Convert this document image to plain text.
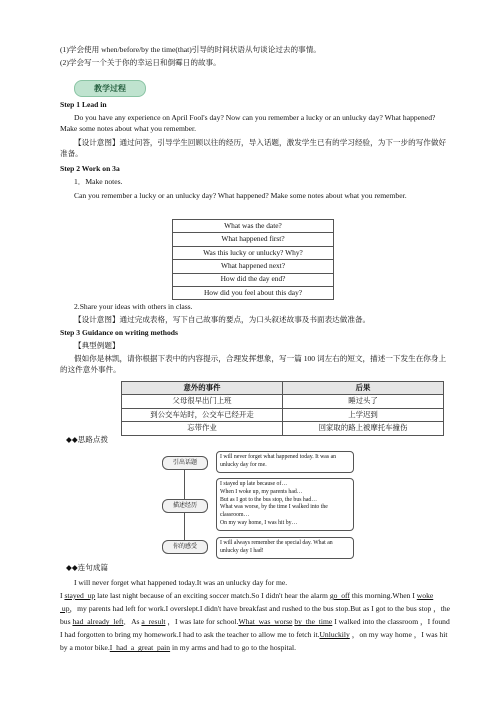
(1)学会使用 when/before/by the time(that)引导的时间状语从句谈论过去的事情。
(2)学会写一个关于你的幸运日和倒霉日的故事。
教学过程
Step 1 Lead in
Do you have any experience on April Fool's day? Now can you remember a lucky or an unlucky day? What happened? Make some notes about what you remember.
【设计意图】通过问答，引导学生回顾以往的经历，导入话题，激发学生已有的学习经验，为下一步的写作做好准备。
Step 2 Work on 3a
1．Make notes.
Can you remember a lucky or an unlucky day? What happened? Make some notes about what you remember.
What was the date?
What happened first?
Was this lucky or unlucky? Why?
What happened next?
How did the day end?
How did you feel about this day?
2.Share your ideas with others in class.
【设计意图】通过完成表格，写下自己故事的要点，为口头叙述故事及书面表达做准备。
Step 3 Guidance on writing methods
【典型例题】
假如你是林凯，请你根据下表中的内容提示，合理发挥想象，写一篇 100 词左右的短文，描述一下发生在你身上的这件意外事件。
意外的事件	后果
父母很早出门上班	睡过头了
到公交车站时，公交车已经开走	上学迟到
忘带作业	回家取的路上被摩托车撞伤
◆◆思路点拨
引出话题
描述经历
你的感受
I will never forget what happened today. It was an unlucky day for me.
I stayed up late because of…
When I woke up, my parents had…
But as I got to the bus stop, the bus had…
What was worse, by the time I walked into the classroom…
On my way home, I was hit by…
I will always remember the special day. What an unlucky day I had!
◆◆连句成篇
I will never forget what happened today.It was an unlucky day for me.
I stayed  up late last night because of an exciting soccer match.So I didn't hear the alarm go  off this morning.When I woke  up，my parents had left for work.I overslept.I didn't have breakfast and rushed to the bus stop.But as I got to the bus stop ，the bus had  already  left．As a  result ，I was late for school.What  was  worse by  the  time I walked into the classroom ，I found I had forgotten to bring my homework.I had to ask the teacher to allow me to fetch it.Unluckily ，on my way home ，I was hit by a motor bike.I  had  a  great  pain in my arms and had to go to the hospital.
